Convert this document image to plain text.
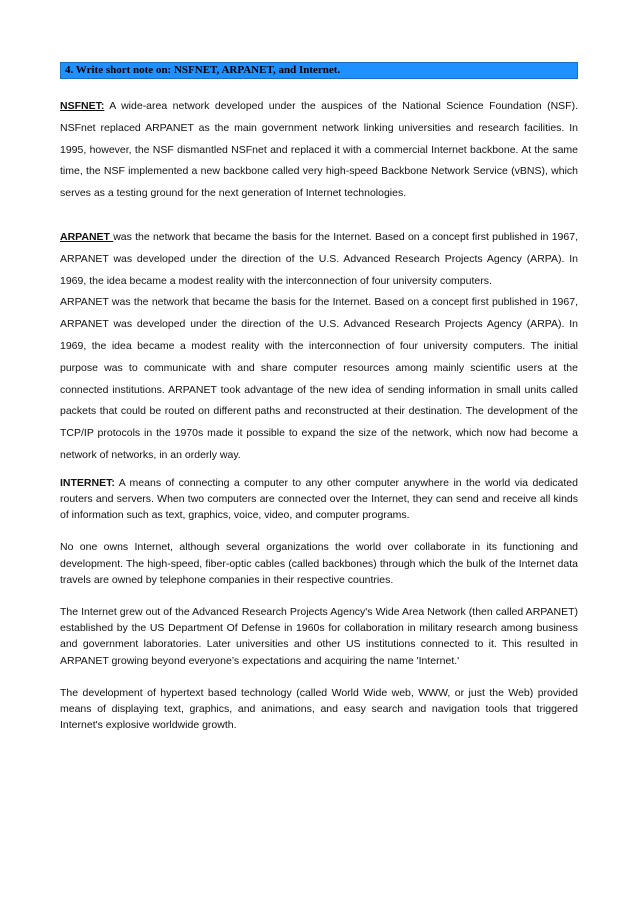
4. Write short note on: NSFNET, ARPANET, and Internet.

NSFNET: A wide-area network developed under the auspices of the National Science Foundation (NSF). NSFnet replaced ARPANET as the main government network linking universities and research facilities. In 1995, however, the NSF dismantled NSFnet and replaced it with a commercial Internet backbone. At the same time, the NSF implemented a new backbone called very high-speed Backbone Network Service (vBNS), which serves as a testing ground for the next generation of Internet technologies.

ARPANET was the network that became the basis for the Internet. Based on a concept first published in 1967, ARPANET was developed under the direction of the U.S. Advanced Research Projects Agency (ARPA). In 1969, the idea became a modest reality with the interconnection of four university computers.

ARPANET was the network that became the basis for the Internet. Based on a concept first published in 1967, ARPANET was developed under the direction of the U.S. Advanced Research Projects Agency (ARPA). In 1969, the idea became a modest reality with the interconnection of four university computers. The initial purpose was to communicate with and share computer resources among mainly scientific users at the connected institutions. ARPANET took advantage of the new idea of sending information in small units called packets that could be routed on different paths and reconstructed at their destination. The development of the TCP/IP protocols in the 1970s made it possible to expand the size of the network, which now had become a network of networks, in an orderly way.

INTERNET: A means of connecting a computer to any other computer anywhere in the world via dedicated routers and servers. When two computers are connected over the Internet, they can send and receive all kinds of information such as text, graphics, voice, video, and computer programs.

No one owns Internet, although several organizations the world over collaborate in its functioning and development. The high-speed, fiber-optic cables (called backbones) through which the bulk of the Internet data travels are owned by telephone companies in their respective countries.

The Internet grew out of the Advanced Research Projects Agency's Wide Area Network (then called ARPANET) established by the US Department Of Defense in 1960s for collaboration in military research among business and government laboratories. Later universities and other US institutions connected to it. This resulted in ARPANET growing beyond everyone’s expectations and acquiring the name 'Internet.'

The development of hypertext based technology (called World Wide web, WWW, or just the Web) provided means of displaying text, graphics, and animations, and easy search and navigation tools that triggered Internet's explosive worldwide growth.
